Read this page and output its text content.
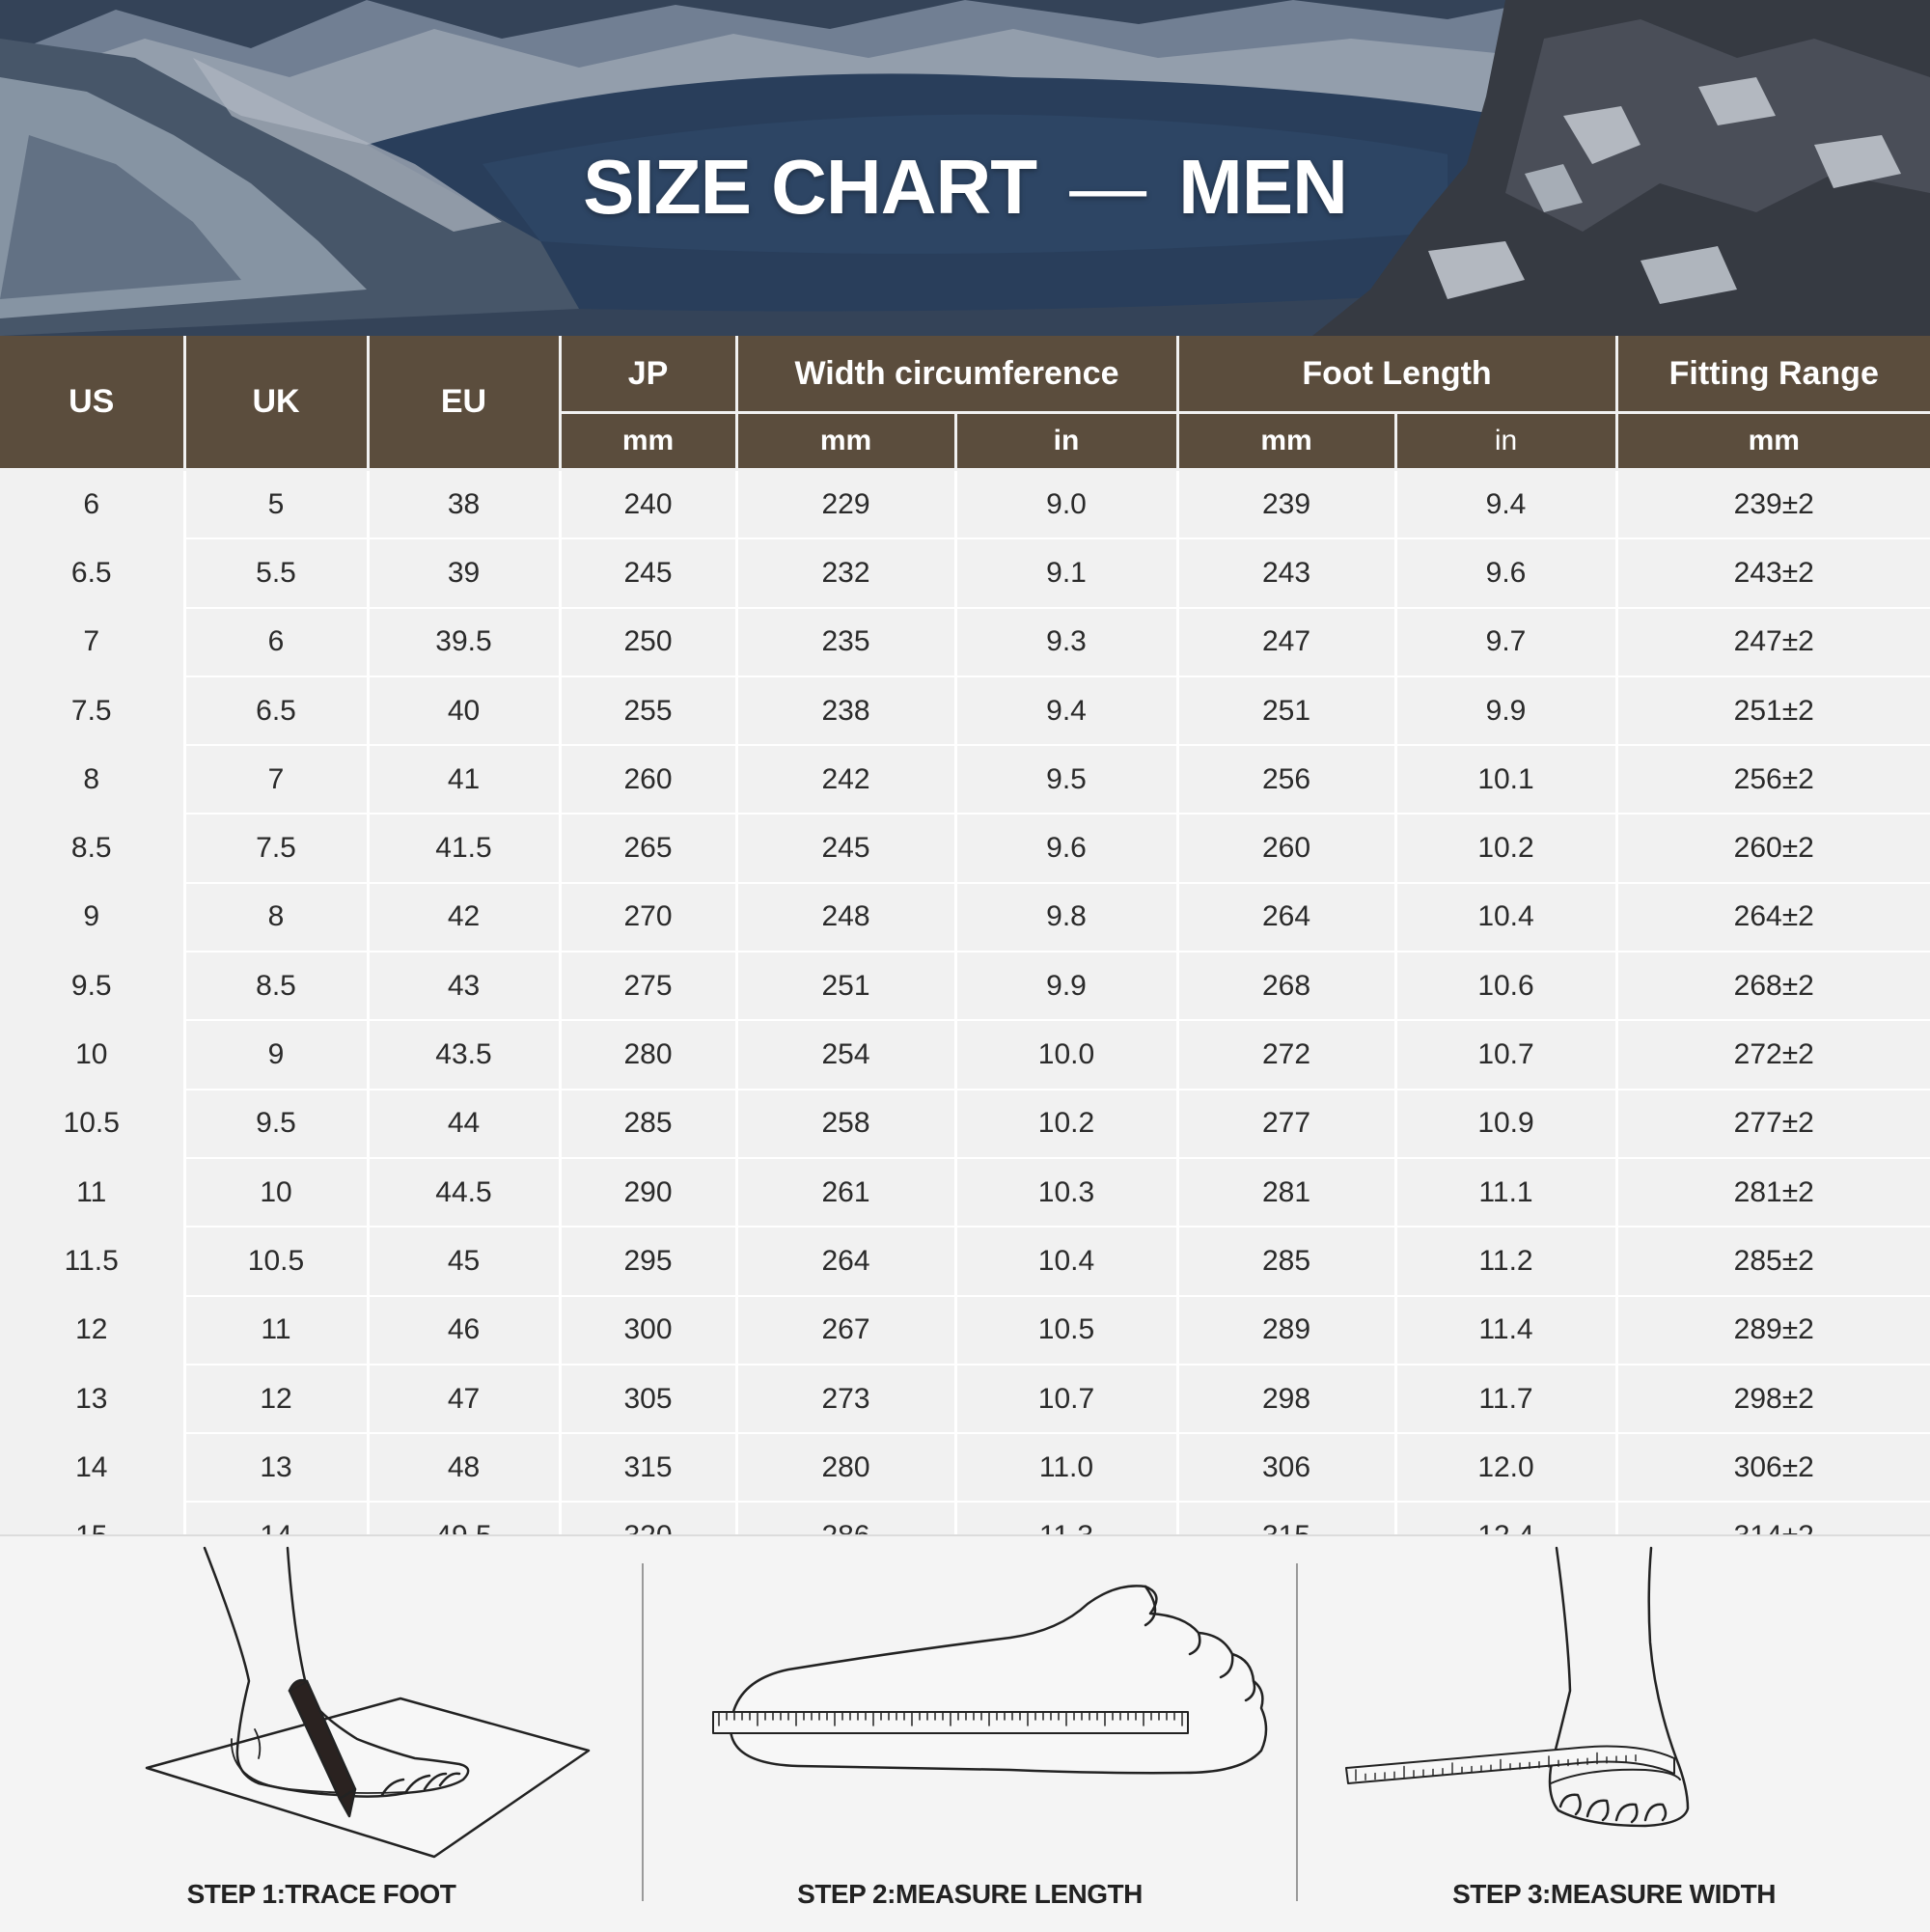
SIZE CHART — MEN
US	UK	EU	JP	Width circumference		Foot Length		Fitting Range
			mm	mm	in	mm	in	mm
6	5	38	240	229	9.0	239	9.4	239±2
6.5	5.5	39	245	232	9.1	243	9.6	243±2
7	6	39.5	250	235	9.3	247	9.7	247±2
7.5	6.5	40	255	238	9.4	251	9.9	251±2
8	7	41	260	242	9.5	256	10.1	256±2
8.5	7.5	41.5	265	245	9.6	260	10.2	260±2
9	8	42	270	248	9.8	264	10.4	264±2
9.5	8.5	43	275	251	9.9	268	10.6	268±2
10	9	43.5	280	254	10.0	272	10.7	272±2
10.5	9.5	44	285	258	10.2	277	10.9	277±2
11	10	44.5	290	261	10.3	281	11.1	281±2
11.5	10.5	45	295	264	10.4	285	11.2	285±2
12	11	46	300	267	10.5	289	11.4	289±2
13	12	47	305	273	10.7	298	11.7	298±2
14	13	48	315	280	11.0	306	12.0	306±2

STEP 1:TRACE FOOT	STEP 2:MEASURE LENGTH	STEP 3:MEASURE WIDTH
